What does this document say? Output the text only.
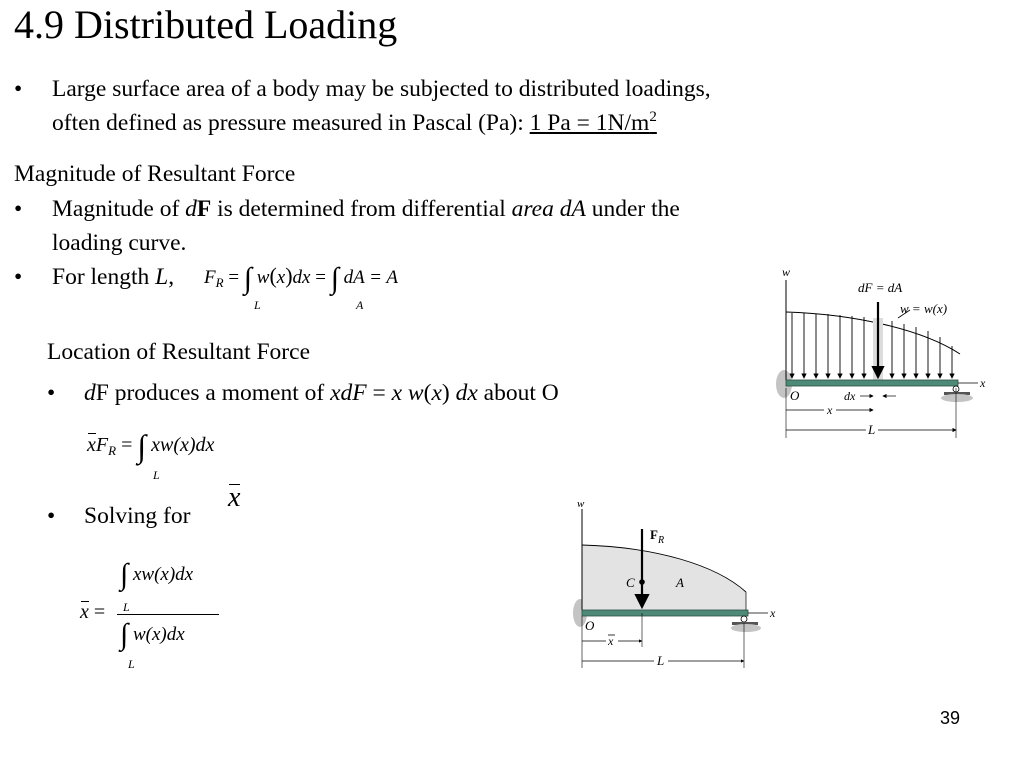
4.9 Distributed Loading
• Large surface area of a body may be subjected to distributed loadings,
often defined as pressure measured in Pascal (Pa): 1 $Pa = 1N/m^2$
Magnitude of Resultant Force
• Magnitude of dF is determined from differential area dA under the
loading curve.
• For length L, $F_R$ = ∫ w(x)dx = ∫ dA = A
L	A
Location of Resultant Force
• dF produces a moment of xdF = x w(x) dx about O
$xF_R$ = ∫ xw(x)dx
L
• Solving for
x
x =
∫ xw(x)dx
L
∫ w(x)dx
L
w
dF = dA
w = w(x)
x
O	dx
x
L
w
$F_R$
C	A
x
O
x
L
39
